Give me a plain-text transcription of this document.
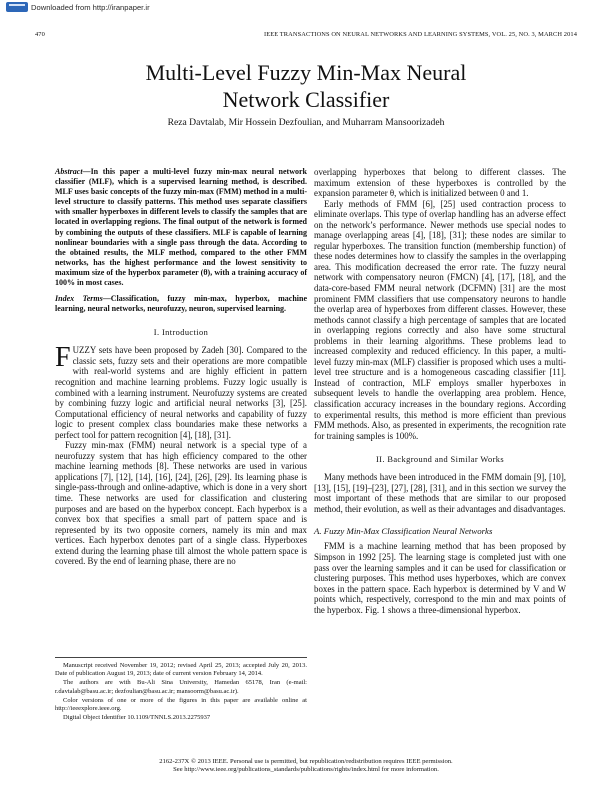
Downloaded from http://iranpaper.ir
470	IEEE TRANSACTIONS ON NEURAL NETWORKS AND LEARNING SYSTEMS, VOL. 25, NO. 3, MARCH 2014
Multi-Level Fuzzy Min-Max Neural
Network Classifier
Reza Davtalab, Mir Hossein Dezfoulian, and Muharram Mansoorizadeh

Abstract—In this paper a multi-level fuzzy min-max neural network classifier (MLF), which is a supervised learning method, is described. MLF uses basic concepts of the fuzzy min-max (FMM) method in a multi-level structure to classify patterns. This method uses separate classifiers with smaller hyperboxes in different levels to classify the samples that are located in overlapping regions. The final output of the network is formed by combining the outputs of these classifiers. MLF is capable of learning nonlinear boundaries with a single pass through the data. According to the obtained results, the MLF method, compared to the other FMM networks, has the highest performance and the lowest sensitivity to maximum size of the hyperbox parameter (θ), with a training accuracy of 100% in most cases.

Index Terms—Classification, fuzzy min-max, hyperbox, machine learning, neural networks, neurofuzzy, neuron, supervised learning.

I. Introduction

FUZZY sets have been proposed by Zadeh [30]. Compared to the classic sets, fuzzy sets and their operations are more compatible with real-world systems and are highly efficient in pattern recognition and machine learning problems. Fuzzy logic usually is combined with a learning instrument. Neurofuzzy systems are created by combining fuzzy logic and artificial neural networks [3], [25]. Computational efficiency of neural networks and capability of fuzzy logic to present complex class boundaries make these networks a perfect tool for pattern recognition [4], [18], [31].

Fuzzy min-max (FMM) neural network is a special type of a neurofuzzy system that has high efficiency compared to the other machine learning methods [8]. These networks are used in various applications [7], [12], [14], [16], [24], [26], [29]. Its learning phase is single-pass-through and online-adaptive, which is done in a very short time. These networks are used for classification and clustering purposes and are based on the hyperbox concept. Each hyperbox is a convex box that specifies a small part of pattern space and is represented by its two opposite corners, namely its min and max vertices. Each hyperbox denotes part of a single class. Hyperboxes extend during the learning phase till almost the whole pattern space is covered. By the end of learning phase, there are no

overlapping hyperboxes that belong to different classes. The maximum extension of these hyperboxes is controlled by the expansion parameter θ, which is initialized between 0 and 1.

Early methods of FMM [6], [25] used contraction process to eliminate overlaps. This type of overlap handling has an adverse effect on the network’s performance. Newer methods use special nodes to manage overlapping areas [4], [18], [31]; these nodes are similar to regular hyperboxes. The transition function (membership function) of these nodes determines how to classify the samples in the overlapping area. This modification decreased the error rate. The fuzzy neural network with compensatory neuron (FMCN) [4], [17], [18], and the data-core-based FMM neural network (DCFMN) [31] are the most prominent FMM classifiers that use compensatory neurons to handle the overlap area of hyperboxes from different classes. However, these methods cannot classify a high percentage of samples that are located in overlapping regions correctly and also have some structural problems in their learning algorithms. These problems lead to increased complexity and reduced efficiency. In this paper, a multi-level fuzzy min-max (MLF) classifier is proposed which uses a multi-level tree structure and is a homogeneous cascading classifier [11]. Instead of contraction, MLF employs smaller hyperboxes in subsequent levels to handle the overlapping area problem. Hence, classification accuracy increases in the boundary regions. According to experimental results, this method is more efficient than previous FMM methods. Also, as presented in experiments, the recognition rate for training samples is 100%.

II. Background and Similar Works

Many methods have been introduced in the FMM domain [9], [10], [13], [15], [19]–[23], [27], [28], [31], and in this section we survey the most important of these methods that are similar to our proposed method, their evolution, as well as their advantages and disadvantages.

A. Fuzzy Min-Max Classification Neural Networks

FMM is a machine learning method that has been proposed by Simpson in 1992 [25]. The learning stage is completed just with one pass over the learning samples and it can be used for classification or clustering purposes. This method uses hyperboxes, which are convex boxes in the pattern space. Each hyperbox is determined by V and W points which, respectively, correspond to the min and max points of the hyperbox. Fig. 1 shows a three-dimensional hyperbox.

Manuscript received November 19, 2012; revised April 25, 2013; accepted July 20, 2013. Date of publication August 19, 2013; date of current version February 14, 2014.

The authors are with Bu-Ali Sina University, Hamedan 65178, Iran (e-mail: r.davtalab@basu.ac.ir; dezfoulian@basu.ac.ir; mansoorm@basu.ac.ir).

Color versions of one or more of the figures in this paper are available online at http://ieeexplore.ieee.org.

Digital Object Identifier 10.1109/TNNLS.2013.2275937

2162-237X © 2013 IEEE. Personal use is permitted, but republication/redistribution requires IEEE permission.
See http://www.ieee.org/publications_standards/publications/rights/index.html for more information.
